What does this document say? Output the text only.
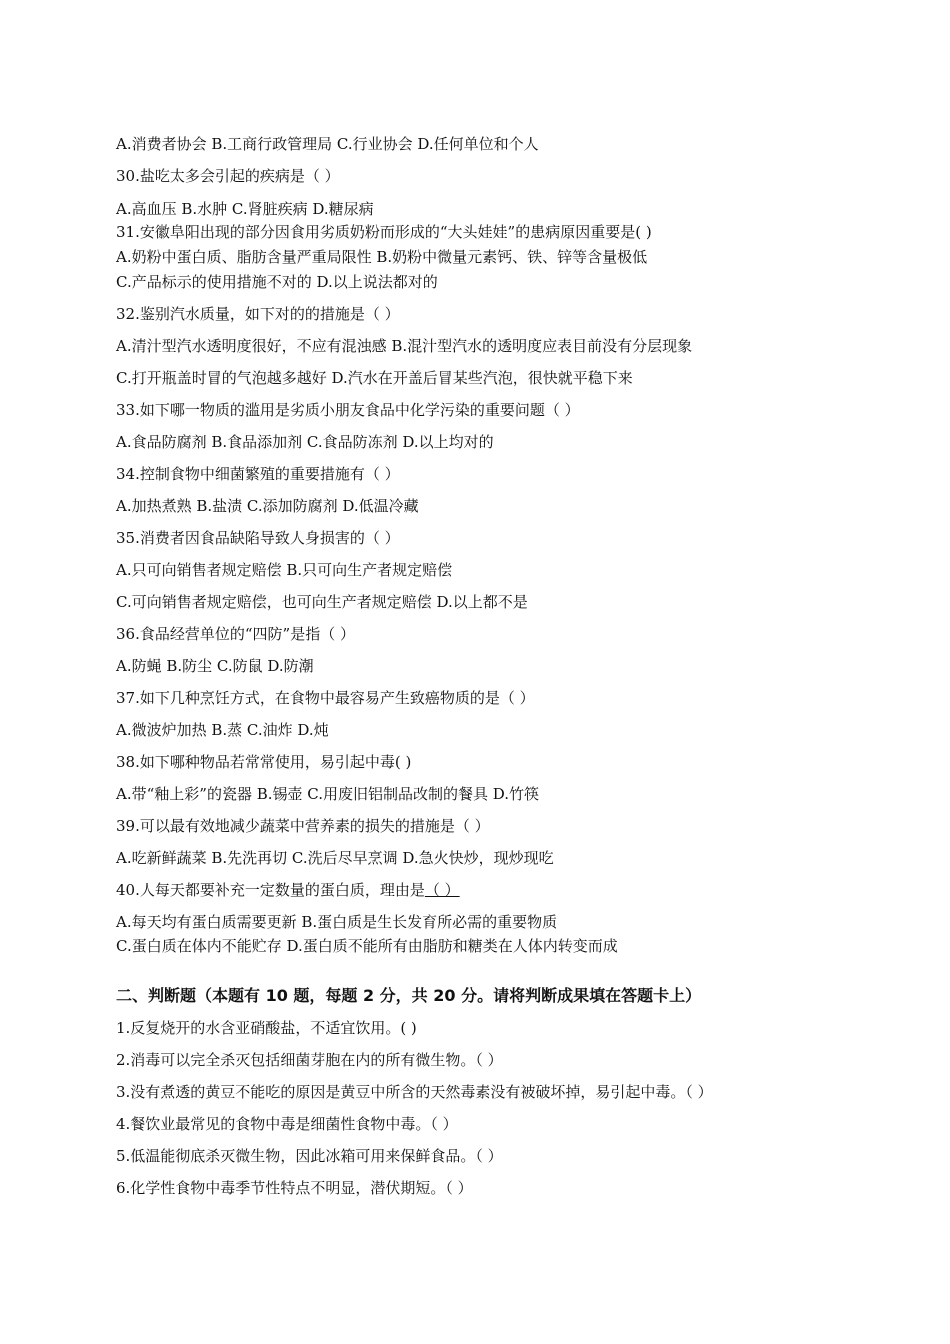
A.消费者协会 B.工商行政管理局 C.行业协会 D.任何单位和个人
30.盐吃太多会引起的疾病是（ ）
A.高血压 B.水肿 C.肾脏疾病 D.糖尿病
31.安徽阜阳出现的部分因食用劣质奶粉而形成的“大头娃娃”的患病原因重要是( )
A.奶粉中蛋白质、脂肪含量严重局限性 B.奶粉中微量元素钙、铁、锌等含量极低
C.产品标示的使用措施不对的 D.以上说法都对的
32.鉴别汽水质量，如下对的的措施是（ ）
A.清汁型汽水透明度很好，不应有混浊感 B.混汁型汽水的透明度应表目前没有分层现象
C.打开瓶盖时冒的气泡越多越好 D.汽水在开盖后冒某些汽泡，很快就平稳下来
33.如下哪一物质的滥用是劣质小朋友食品中化学污染的重要问题（ ）
A.食品防腐剂 B.食品添加剂 C.食品防冻剂 D.以上均对的
34.控制食物中细菌繁殖的重要措施有（ ）
A.加热煮熟 B.盐渍 C.添加防腐剂 D.低温冷藏
35.消费者因食品缺陷导致人身损害的（ ）
A.只可向销售者规定赔偿 B.只可向生产者规定赔偿
C.可向销售者规定赔偿，也可向生产者规定赔偿 D.以上都不是
36.食品经营单位的“四防”是指（ ）
A.防蝇 B.防尘 C.防鼠 D.防潮
37.如下几种烹饪方式，在食物中最容易产生致癌物质的是（ ）
A.微波炉加热 B.蒸 C.油炸 D.炖
38.如下哪种物品若常常使用，易引起中毒( )
A.带“釉上彩”的瓷器 B.锡壶 C.用废旧铝制品改制的餐具 D.竹筷
39.可以最有效地减少蔬菜中营养素的损失的措施是（ ）
A.吃新鲜蔬菜 B.先洗再切 C.洗后尽早烹调 D.急火快炒，现炒现吃
40.人每天都要补充一定数量的蛋白质，理由是（ ）
A.每天均有蛋白质需要更新 B.蛋白质是生长发育所必需的重要物质
C.蛋白质在体内不能贮存 D.蛋白质不能所有由脂肪和糖类在人体内转变而成
二、判断题（本题有 10 题，每题 2 分，共 20 分。请将判断成果填在答题卡上）
1.反复烧开的水含亚硝酸盐，不适宜饮用。( )
2.消毒可以完全杀灭包括细菌芽胞在内的所有微生物。（ ）
3.没有煮透的黄豆不能吃的原因是黄豆中所含的天然毒素没有被破坏掉，易引起中毒。（ ）
4.餐饮业最常见的食物中毒是细菌性食物中毒。（ ）
5.低温能彻底杀灭微生物，因此冰箱可用来保鲜食品。（ ）
6.化学性食物中毒季节性特点不明显，潜伏期短。（ ）
